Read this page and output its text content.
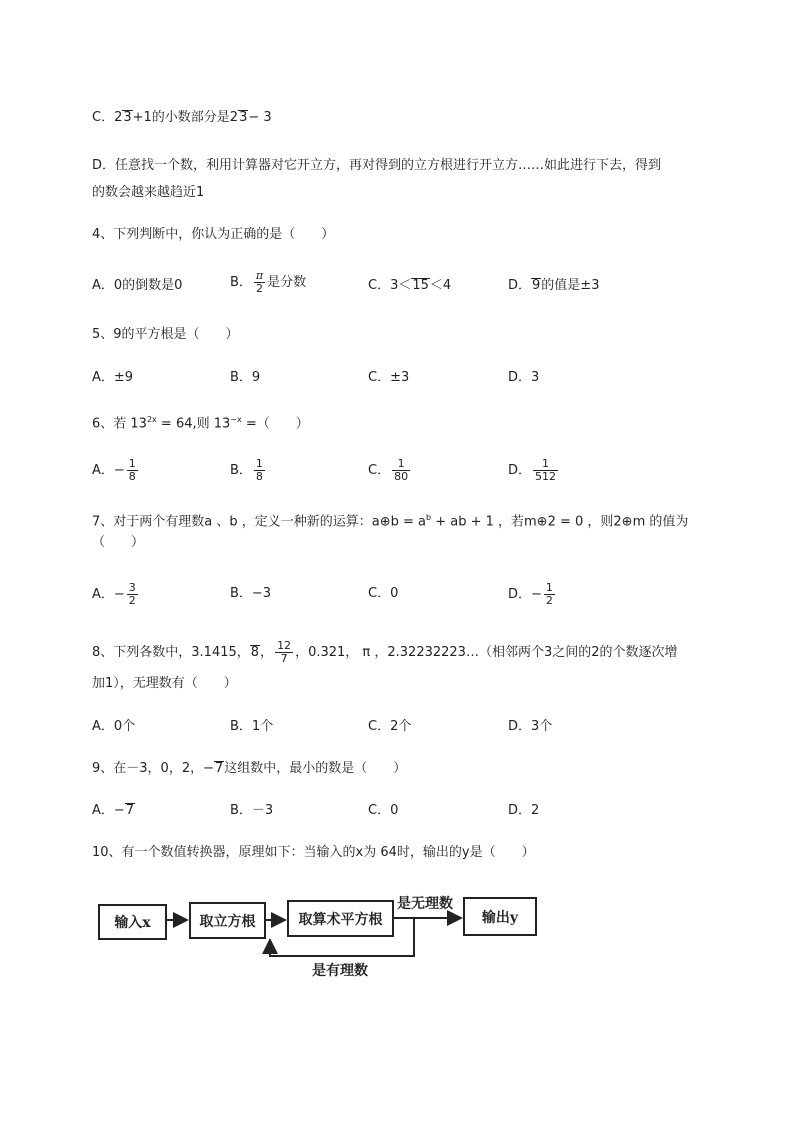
C．23+1的小数部分是23− 3
D．任意找一个数，利用计算器对它开立方，再对得到的立方根进行开立方……如此进行下去，得到
的数会越来越趋近1
4、下列判断中，你认为正确的是（　　）
A．0的倒数是0	B． $\frac{\pi}{2}$ 是分数	C．3＜15＜4	D．9的值是±3
5、9的平方根是（　　）
A．±9	B．9	C．±3	D．3
6、若 $13^{2x} = 64$,则 $13^{-x}$ =（　　）
A．− $\frac{1}{8}$	B． $\frac{1}{8}$	C． $\frac{1}{80}$	D． $\frac{1}{512}$
7、对于两个有理数a 、b ，定义一种新的运算：a⊕b = $a^b$ + ab + 1 ，若m⊕2 = 0 ，则2⊕m 的值为
（　　）
A．− $\frac{3}{2}$	B．−3	C．0	D．− $\frac{1}{2}$
8、下列各数中，3.1415，8， $\frac{12}{7}$ ，0.321， π ，2.32232223…（相邻两个3之间的2的个数逐次增
加1），无理数有（　　）
A．0个	B．1个	C．2个	D．3个
9、在－3，0，2，−7这组数中，最小的数是（　　）
A．−7	B．－3	C．0	D．2
10、有一个数值转换器，原理如下：当输入的x为 64时，输出的y是（　　）
输入x	取立方根	取算术平方根	输出y
是无理数
是有理数
